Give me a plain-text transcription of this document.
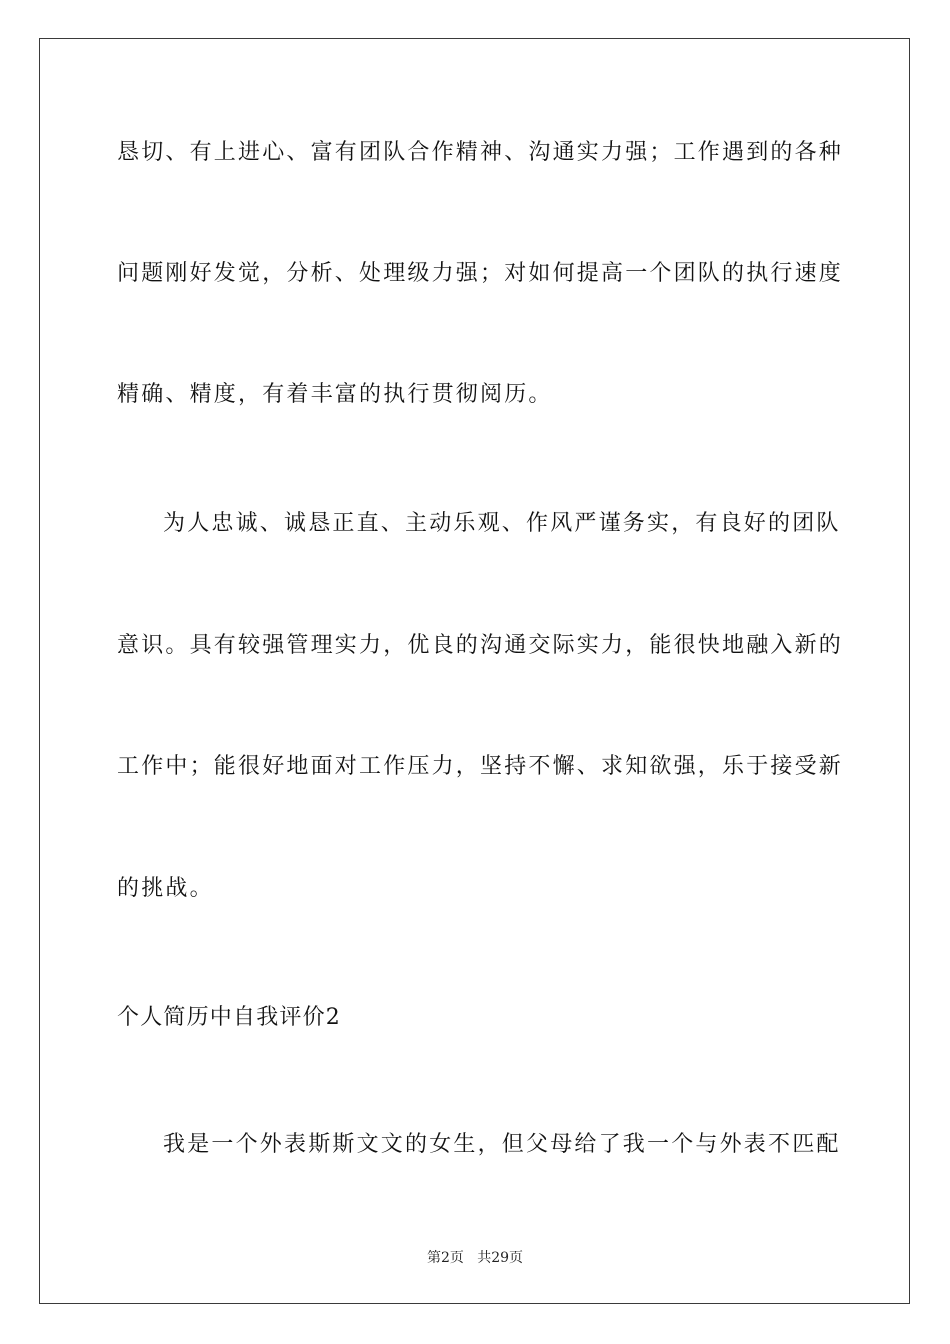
恳切、有上进心、富有团队合作精神、沟通实力强；工作遇到的各种
问题刚好发觉，分析、处理级力强；对如何提高一个团队的执行速度
精确、精度，有着丰富的执行贯彻阅历。
为人忠诚、诚恳正直、主动乐观、作风严谨务实，有良好的团队
意识。具有较强管理实力，优良的沟通交际实力，能很快地融入新的
工作中；能很好地面对工作压力，坚持不懈、求知欲强，乐于接受新
的挑战。
个人简历中自我评价2
我是一个外表斯斯文文的女生，但父母给了我一个与外表不匹配
第2页   共29页
